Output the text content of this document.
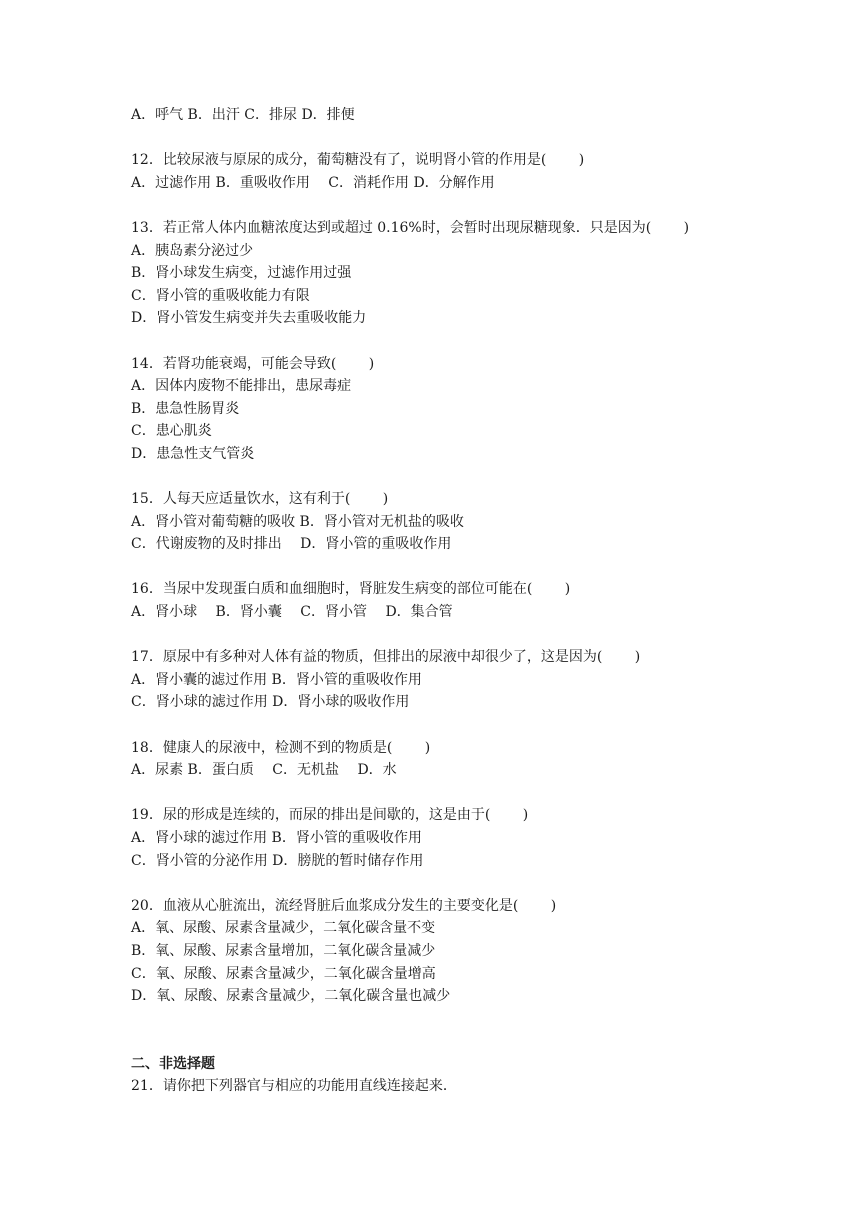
A．呼气 B．出汗 C．排尿 D．排便
12．比较尿液与原尿的成分，葡萄糖没有了，说明肾小管的作用是(　　 )
A．过滤作用 B．重吸收作用　 C．消耗作用 D．分解作用
13．若正常人体内血糖浓度达到或超过 0.16%时，会暂时出现尿糖现象．只是因为(　　 )
A．胰岛素分泌过少
B．肾小球发生病变，过滤作用过强
C．肾小管的重吸收能力有限
D．肾小管发生病变并失去重吸收能力
14．若肾功能衰竭，可能会导致(　　 )
A．因体内废物不能排出，患尿毒症
B．患急性肠胃炎
C．患心肌炎
D．患急性支气管炎
15．人每天应适量饮水，这有利于(　　 )
A．肾小管对葡萄糖的吸收 B．肾小管对无机盐的吸收
C．代谢废物的及时排出　 D．肾小管的重吸收作用
16．当尿中发现蛋白质和血细胞时，肾脏发生病变的部位可能在(　　 )
A．肾小球　 B．肾小囊　 C．肾小管　 D．集合管
17．原尿中有多种对人体有益的物质，但排出的尿液中却很少了，这是因为(　　 )
A．肾小囊的滤过作用 B．肾小管的重吸收作用
C．肾小球的滤过作用 D．肾小球的吸收作用
18．健康人的尿液中，检测不到的物质是(　　 )
A．尿素 B．蛋白质　 C．无机盐　 D．水
19．尿的形成是连续的，而尿的排出是间歇的，这是由于(　　 )
A．肾小球的滤过作用 B．肾小管的重吸收作用
C．肾小管的分泌作用 D．膀胱的暂时储存作用
20．血液从心脏流出，流经肾脏后血浆成分发生的主要变化是(　　 )
A．氧、尿酸、尿素含量减少，二氧化碳含量不变
B．氧、尿酸、尿素含量增加，二氧化碳含量减少
C．氧、尿酸、尿素含量减少，二氧化碳含量增高
D．氧、尿酸、尿素含量减少，二氧化碳含量也减少
二、非选择题
21．请你把下列器官与相应的功能用直线连接起来．
